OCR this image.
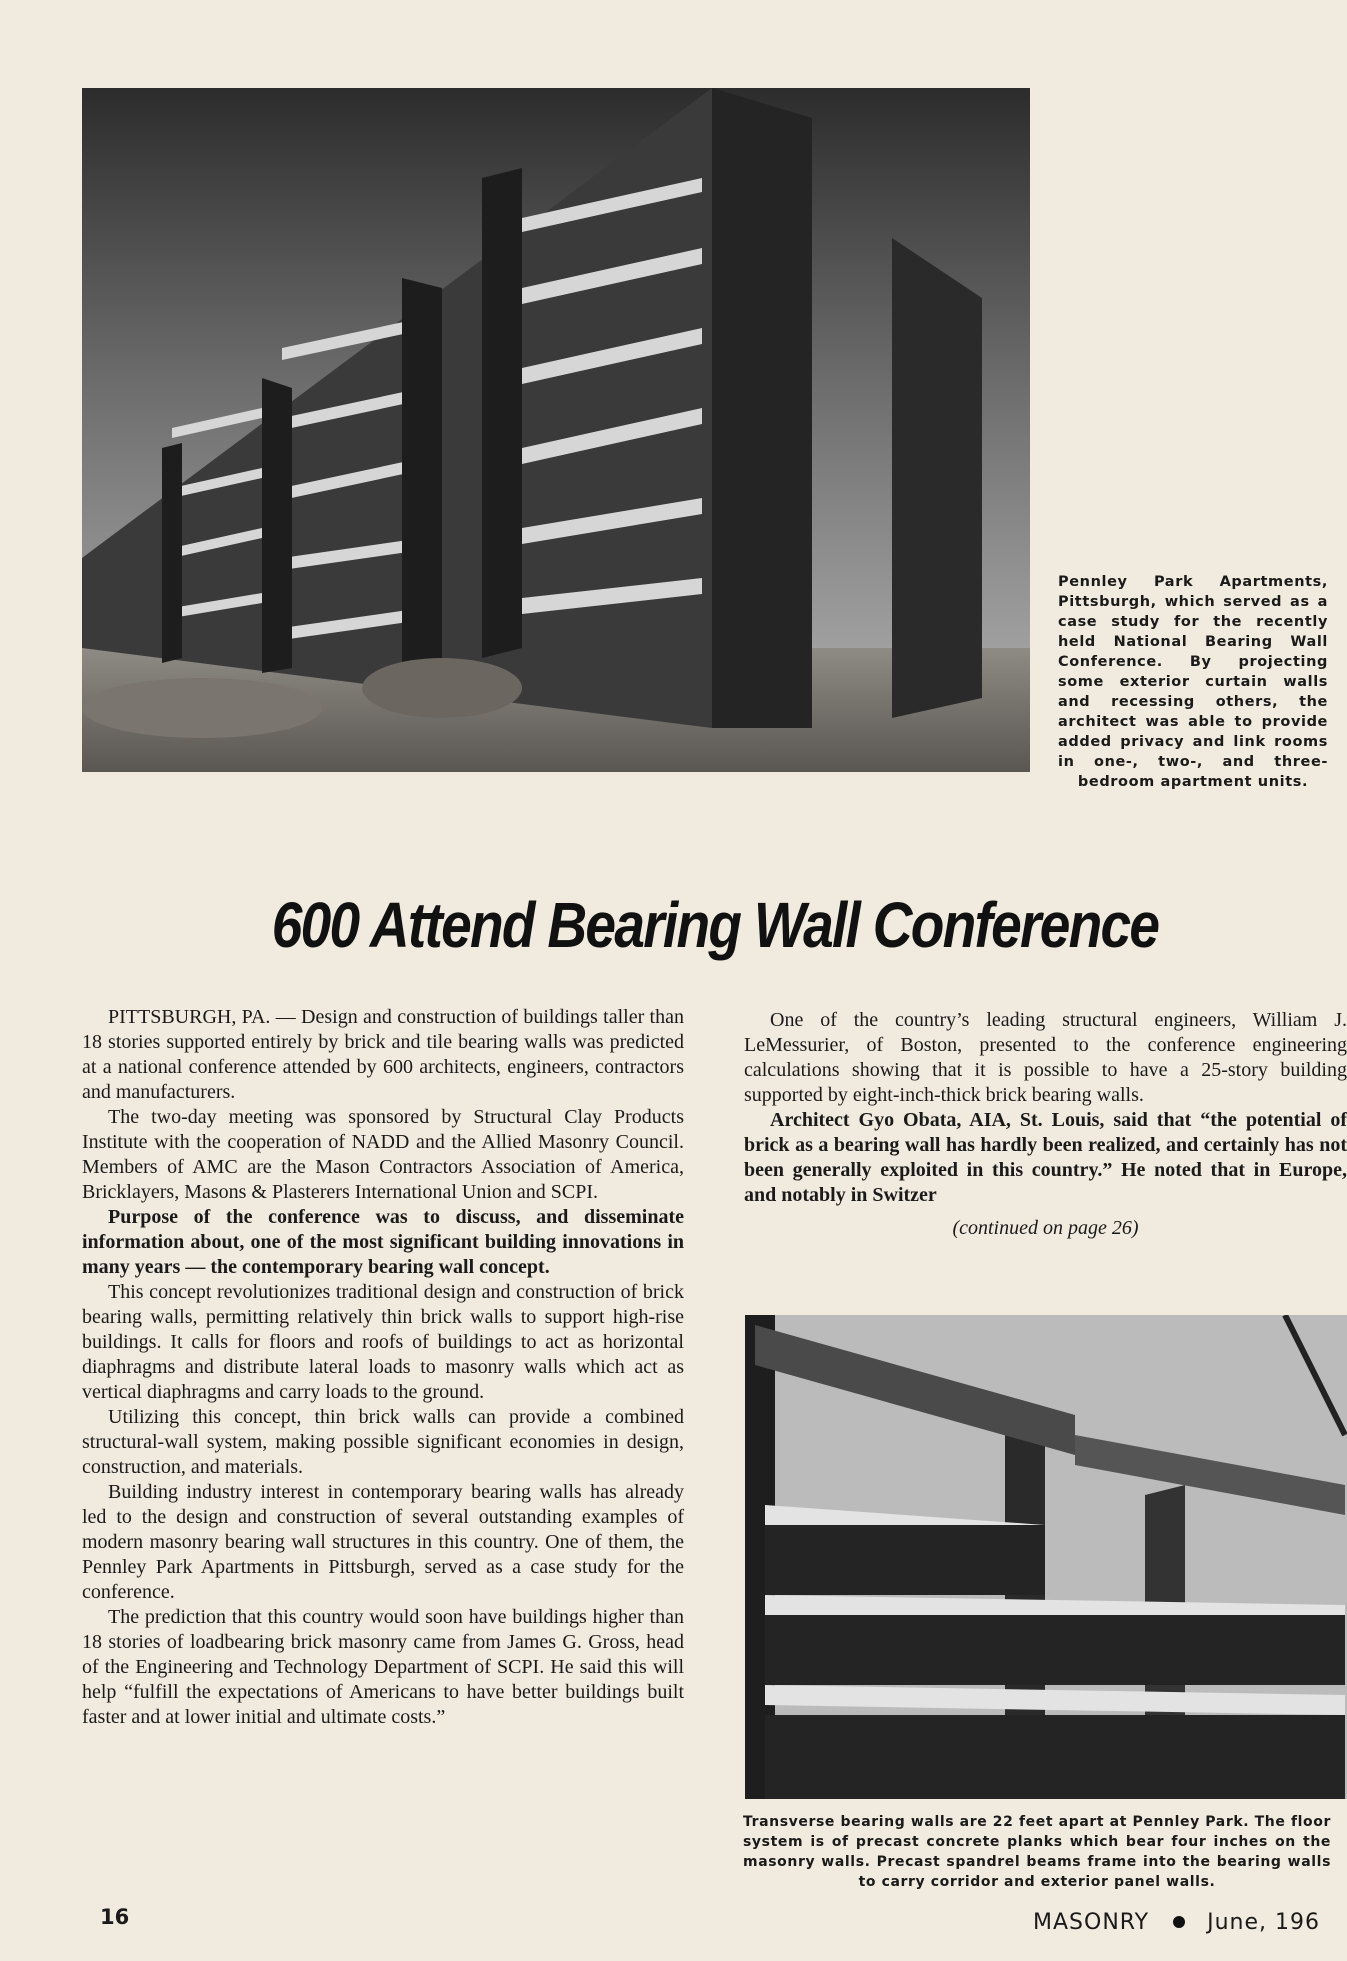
Pennley Park Apartments, Pittsburgh, which served as a case study for the recently held National Bearing Wall Conference. By projecting some exterior curtain walls and recessing others, the architect was able to provide added privacy and link rooms in one-, two-, and three-bedroom apartment units.
600 Attend Bearing Wall Conference

PITTSBURGH, PA. — Design and construction of buildings taller than 18 stories supported entirely by brick and tile bearing walls was predicted at a national conference attended by 600 architects, engineers, contractors and manufacturers.

The two-day meeting was sponsored by Structural Clay Products Institute with the cooperation of NADD and the Allied Masonry Council. Members of AMC are the Mason Contractors Association of America, Bricklayers, Masons & Plasterers International Union and SCPI.

Purpose of the conference was to discuss, and disseminate information about, one of the most significant building innovations in many years — the contemporary bearing wall concept.

This concept revolutionizes traditional design and construction of brick bearing walls, permitting relatively thin brick walls to support high-rise buildings. It calls for floors and roofs of buildings to act as horizontal diaphragms and distribute lateral loads to masonry walls which act as vertical diaphragms and carry loads to the ground.

Utilizing this concept, thin brick walls can provide a combined structural-wall system, making possible significant economies in design, construction, and materials.

Building industry interest in contemporary bearing walls has already led to the design and construction of several outstanding examples of modern masonry bearing wall structures in this country. One of them, the Pennley Park Apartments in Pittsburgh, served as a case study for the conference.

The prediction that this country would soon have buildings higher than 18 stories of loadbearing brick masonry came from James G. Gross, head of the Engineering and Technology Department of SCPI. He said this will help “fulfill the expectations of Americans to have better buildings built faster and at lower initial and ultimate costs.”

One of the country’s leading structural engineers, William J. LeMessurier, of Boston, presented to the conference engineering calculations showing that it is possible to have a 25-story building supported by eight-inch-thick brick bearing walls.

Architect Gyo Obata, AIA, St. Louis, said that “the potential of brick as a bearing wall has hardly been realized, and certainly has not been generally exploited in this country.” He noted that in Europe, and notably in Switzer

(continued on page 26)

Transverse bearing walls are 22 feet apart at Pennley Park. The floor system is of precast concrete planks which bear four inches on the masonry walls. Precast spandrel beams frame into the bearing walls to carry corridor and exterior panel walls.
16	MASONRY	June, 196
